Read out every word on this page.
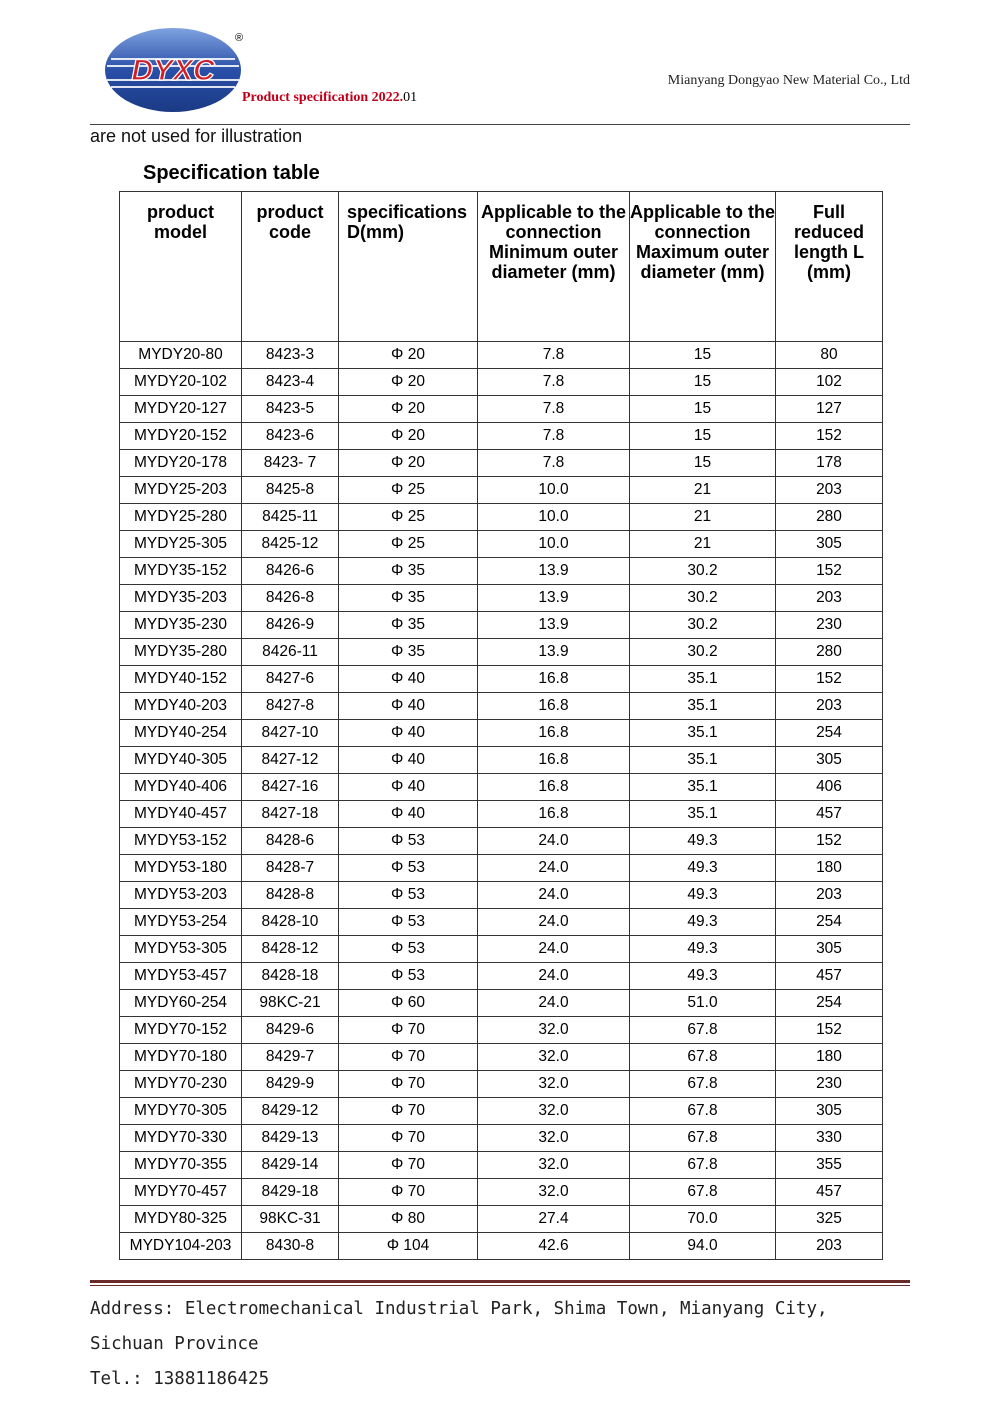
DYXC
®
Product specification 2022.01
Mianyang Dongyao New Material Co., Ltd
are not used for illustration
Specification table
product model	product code	specifications D(mm)	Applicable to the connection Minimum outer diameter (mm)	Applicable to the connection Maximum outer diameter (mm)	Full reduced length L (mm)
MYDY20-80	8423-3	Φ 20	7.8	15	80
MYDY20-102	8423-4	Φ 20	7.8	15	102
MYDY20-127	8423-5	Φ 20	7.8	15	127
MYDY20-152	8423-6	Φ 20	7.8	15	152
MYDY20-178	8423- 7	Φ 20	7.8	15	178
MYDY25-203	8425-8	Φ 25	10.0	21	203
MYDY25-280	8425-11	Φ 25	10.0	21	280
MYDY25-305	8425-12	Φ 25	10.0	21	305
MYDY35-152	8426-6	Φ 35	13.9	30.2	152
MYDY35-203	8426-8	Φ 35	13.9	30.2	203
MYDY35-230	8426-9	Φ 35	13.9	30.2	230
MYDY35-280	8426-11	Φ 35	13.9	30.2	280
MYDY40-152	8427-6	Φ 40	16.8	35.1	152
MYDY40-203	8427-8	Φ 40	16.8	35.1	203
MYDY40-254	8427-10	Φ 40	16.8	35.1	254
MYDY40-305	8427-12	Φ 40	16.8	35.1	305
MYDY40-406	8427-16	Φ 40	16.8	35.1	406
MYDY40-457	8427-18	Φ 40	16.8	35.1	457
MYDY53-152	8428-6	Φ 53	24.0	49.3	152
MYDY53-180	8428-7	Φ 53	24.0	49.3	180
MYDY53-203	8428-8	Φ 53	24.0	49.3	203
MYDY53-254	8428-10	Φ 53	24.0	49.3	254
MYDY53-305	8428-12	Φ 53	24.0	49.3	305
MYDY53-457	8428-18	Φ 53	24.0	49.3	457
MYDY60-254	98KC-21	Φ 60	24.0	51.0	254
MYDY70-152	8429-6	Φ 70	32.0	67.8	152
MYDY70-180	8429-7	Φ 70	32.0	67.8	180
MYDY70-230	8429-9	Φ 70	32.0	67.8	230
MYDY70-305	8429-12	Φ 70	32.0	67.8	305
MYDY70-330	8429-13	Φ 70	32.0	67.8	330
MYDY70-355	8429-14	Φ 70	32.0	67.8	355
MYDY70-457	8429-18	Φ 70	32.0	67.8	457
MYDY80-325	98KC-31	Φ 80	27.4	70.0	325
MYDY104-203	8430-8	Φ 104	42.6	94.0	203
Address: Electromechanical Industrial Park, Shima Town, Mianyang City, Sichuan Province
Tel.: 13881186425
